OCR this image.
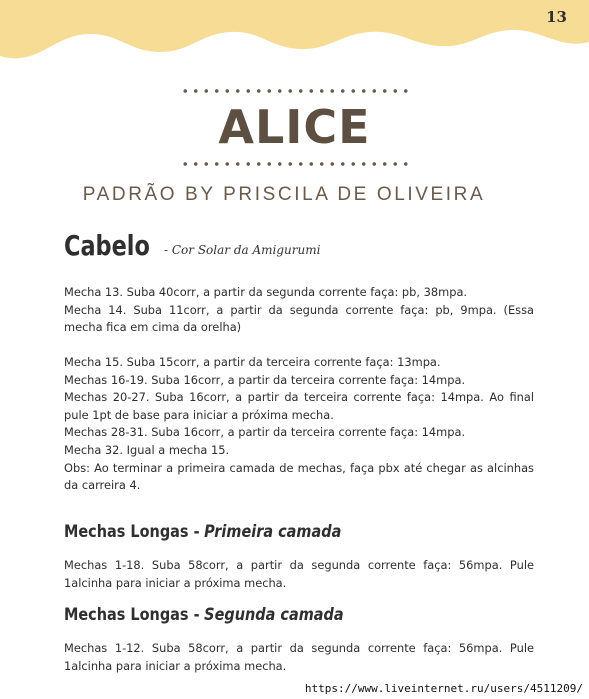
13
ALICE
PADRÃO BY PRISCILA DE OLIVEIRA
Cabelo - Cor Solar da Amigurumi
Mecha 13. Suba 40corr, a partir da segunda corrente faça: pb, 38mpa.
Mecha 14. Suba 11corr, a partir da segunda corrente faça: pb, 9mpa. (Essa mecha fica em cima da orelha)
Mecha 15. Suba 15corr, a partir da terceira corrente faça: 13mpa.
Mechas 16-19. Suba 16corr, a partir da terceira corrente faça: 14mpa.
Mechas 20-27. Suba 16corr, a partir da terceira corrente faça: 14mpa. Ao final pule 1pt de base para iniciar a próxima mecha.
Mechas 28-31. Suba 16corr, a partir da terceira corrente faça: 14mpa.
Mecha 32. Igual a mecha 15.
Obs: Ao terminar a primeira camada de mechas, faça pbx até chegar as alcinhas da carreira 4.
Mechas Longas - Primeira camada
Mechas 1-18. Suba 58corr, a partir da segunda corrente faça: 56mpa. Pule 1alcinha para iniciar a próxima mecha.
Mechas Longas - Segunda camada
Mechas 1-12. Suba 58corr, a partir da segunda corrente faça: 56mpa. Pule 1alcinha para iniciar a próxima mecha.
https://www.liveinternet.ru/users/4511209/
